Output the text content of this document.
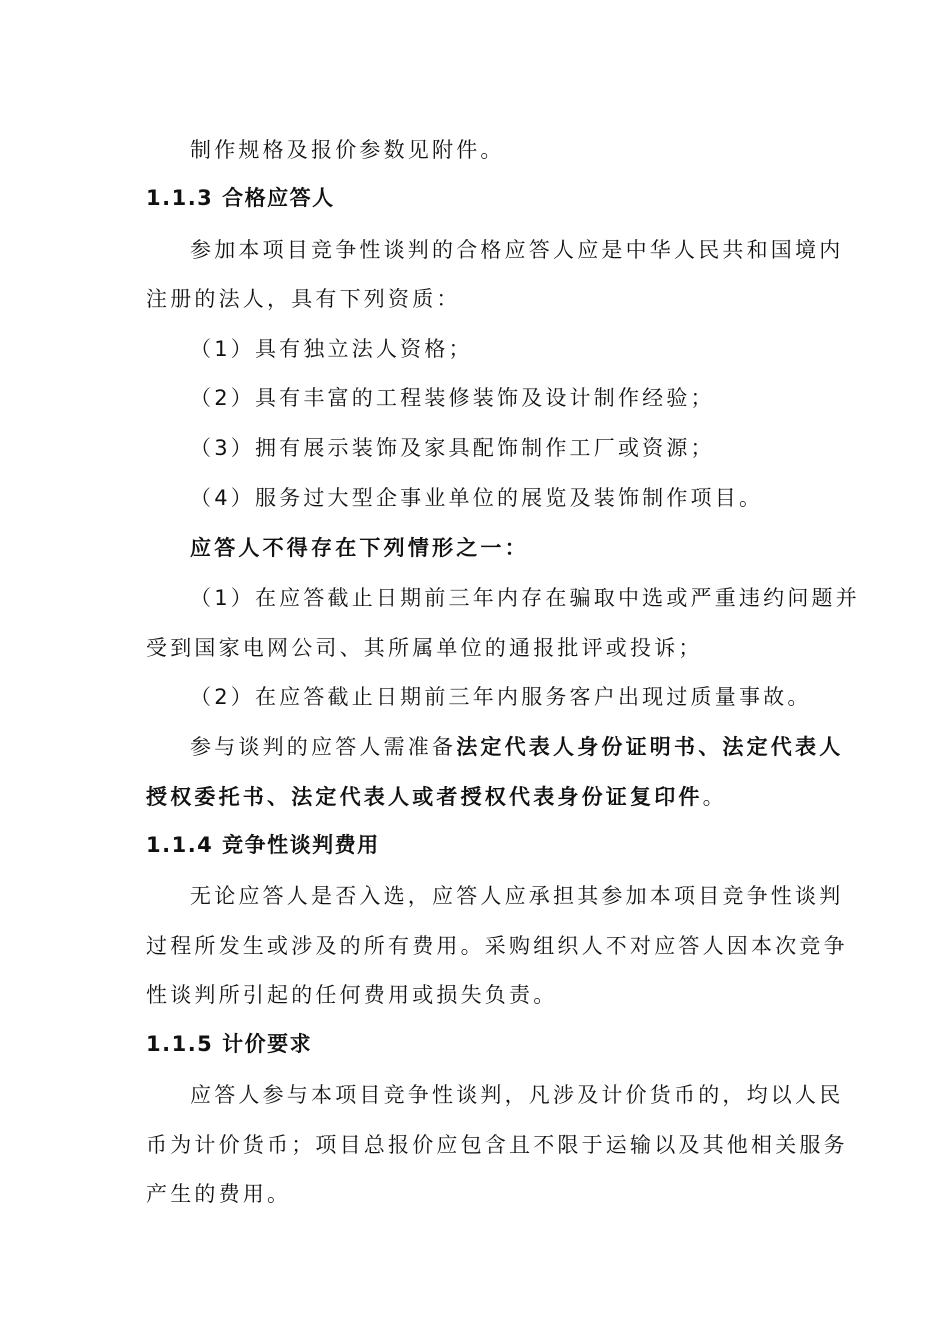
制作规格及报价参数见附件。
1.1.3 合格应答人
参加本项目竞争性谈判的合格应答人应是中华人民共和国境内
注册的法人，具有下列资质：
（1）具有独立法人资格；
（2）具有丰富的工程装修装饰及设计制作经验；
（3）拥有展示装饰及家具配饰制作工厂或资源；
（4）服务过大型企事业单位的展览及装饰制作项目。
应答人不得存在下列情形之一：
（1）在应答截止日期前三年内存在骗取中选或严重违约问题并
受到国家电网公司、其所属单位的通报批评或投诉；
（2）在应答截止日期前三年内服务客户出现过质量事故。
参与谈判的应答人需准备法定代表人身份证明书、法定代表人
授权委托书、法定代表人或者授权代表身份证复印件。
1.1.4 竞争性谈判费用
无论应答人是否入选，应答人应承担其参加本项目竞争性谈判
过程所发生或涉及的所有费用。采购组织人不对应答人因本次竞争
性谈判所引起的任何费用或损失负责。
1.1.5 计价要求
应答人参与本项目竞争性谈判，凡涉及计价货币的，均以人民
币为计价货币；项目总报价应包含且不限于运输以及其他相关服务
产生的费用。
